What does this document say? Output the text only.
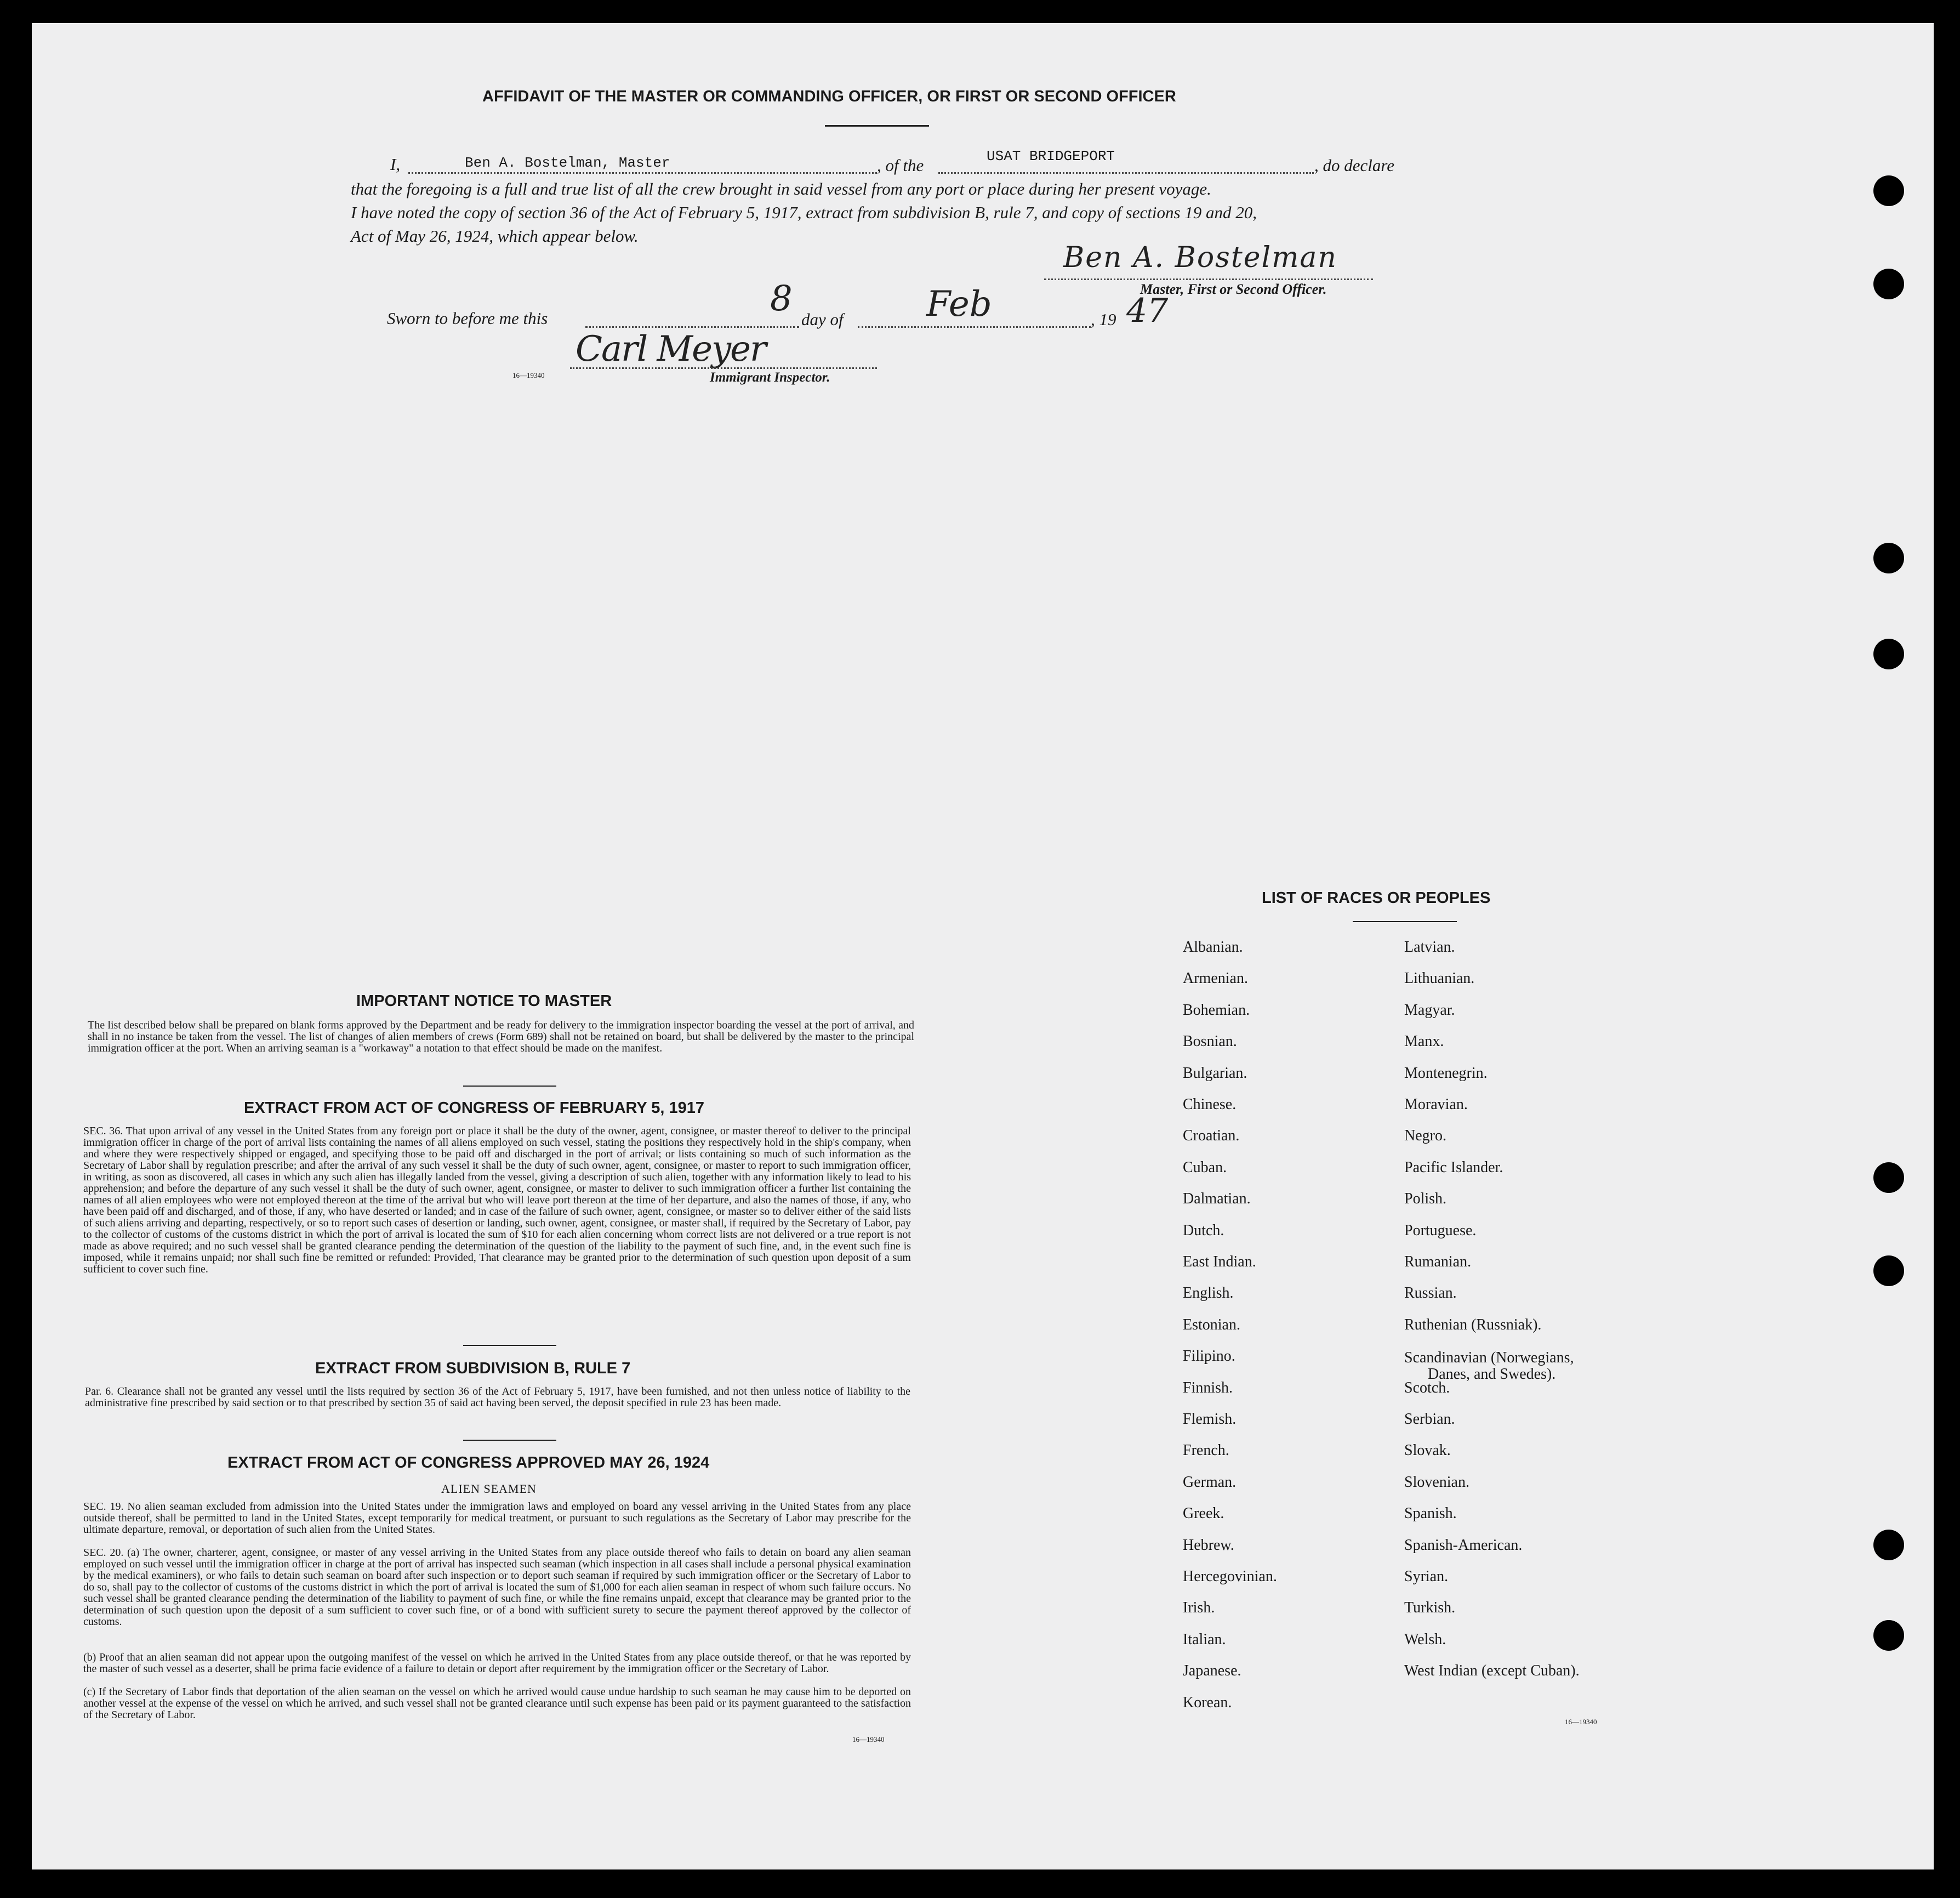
AFFIDAVIT OF THE MASTER OR COMMANDING OFFICER, OR FIRST OR SECOND OFFICER
I,	Ben A. Bostelman, Master	, of the	USAT BRIDGEPORT	, do declare
that the foregoing is a full and true list of all the crew brought in said vessel from any port or place during her present voyage.
I have noted the copy of section 36 of the Act of February 5, 1917, extract from subdivision B, rule 7, and copy of sections 19 and 20,
Act of May 26, 1924, which appear below.
Ben A. Bostelman
Master, First or Second Officer.
Sworn to before me this	8
day of Feb	, 19 47
Carl Meyer
16—19340	Immigrant Inspector.
IMPORTANT NOTICE TO MASTER
The list described below shall be prepared on blank forms approved by the Department and be ready for delivery to the immigration inspector boarding the vessel at the port of arrival, and shall in no instance be taken from the vessel. The list of changes of alien members of crews (Form 689) shall not be retained on board, but shall be delivered by the master to the principal immigration officer at the port. When an arriving seaman is a "workaway" a notation to that effect should be made on the manifest.
EXTRACT FROM ACT OF CONGRESS OF FEBRUARY 5, 1917
SEC. 36. That upon arrival of any vessel in the United States from any foreign port or place it shall be the duty of the owner, agent, consignee, or master thereof to deliver to the principal immigration officer in charge of the port of arrival lists containing the names of all aliens employed on such vessel, stating the positions they respectively hold in the ship's company, when and where they were respectively shipped or engaged, and specifying those to be paid off and discharged in the port of arrival; or lists containing so much of such information as the Secretary of Labor shall by regulation prescribe; and after the arrival of any such vessel it shall be the duty of such owner, agent, consignee, or master to report to such immigration officer, in writing, as soon as discovered, all cases in which any such alien has illegally landed from the vessel, giving a description of such alien, together with any information likely to lead to his apprehension; and before the departure of any such vessel it shall be the duty of such owner, agent, consignee, or master to deliver to such immigration officer a further list containing the names of all alien employees who were not employed thereon at the time of the arrival but who will leave port thereon at the time of her departure, and also the names of those, if any, who have been paid off and discharged, and of those, if any, who have deserted or landed; and in case of the failure of such owner, agent, consignee, or master so to deliver either of the said lists of such aliens arriving and departing, respectively, or so to report such cases of desertion or landing, such owner, agent, consignee, or master shall, if required by the Secretary of Labor, pay to the collector of customs of the customs district in which the port of arrival is located the sum of $10 for each alien concerning whom correct lists are not delivered or a true report is not made as above required; and no such vessel shall be granted clearance pending the determination of the question of the liability to the payment of such fine, and, in the event such fine is imposed, while it remains unpaid; nor shall such fine be remitted or refunded: Provided, That clearance may be granted prior to the determination of such question upon deposit of a sum sufficient to cover such fine.
EXTRACT FROM SUBDIVISION B, RULE 7
Par. 6. Clearance shall not be granted any vessel until the lists required by section 36 of the Act of February 5, 1917, have been furnished, and not then unless notice of liability to the administrative fine prescribed by said section or to that prescribed by section 35 of said act having been served, the deposit specified in rule 23 has been made.
EXTRACT FROM ACT OF CONGRESS APPROVED MAY 26, 1924
ALIEN SEAMEN
SEC. 19. No alien seaman excluded from admission into the United States under the immigration laws and employed on board any vessel arriving in the United States from any place outside thereof, shall be permitted to land in the United States, except temporarily for medical treatment, or pursuant to such regulations as the Secretary of Labor may prescribe for the ultimate departure, removal, or deportation of such alien from the United States.
SEC. 20. (a) The owner, charterer, agent, consignee, or master of any vessel arriving in the United States from any place outside thereof who fails to detain on board any alien seaman employed on such vessel until the immigration officer in charge at the port of arrival has inspected such seaman (which inspection in all cases shall include a personal physical examination by the medical examiners), or who fails to detain such seaman on board after such inspection or to deport such seaman if required by such immigration officer or the Secretary of Labor to do so, shall pay to the collector of customs of the customs district in which the port of arrival is located the sum of $1,000 for each alien seaman in respect of whom such failure occurs. No such vessel shall be granted clearance pending the determination of the liability to payment of such fine, or while the fine remains unpaid, except that clearance may be granted prior to the determination of such question upon the deposit of a sum sufficient to cover such fine, or of a bond with sufficient surety to secure the payment thereof approved by the collector of customs.
(b) Proof that an alien seaman did not appear upon the outgoing manifest of the vessel on which he arrived in the United States from any place outside thereof, or that he was reported by the master of such vessel as a deserter, shall be prima facie evidence of a failure to detain or deport after requirement by the immigration officer or the Secretary of Labor.
(c) If the Secretary of Labor finds that deportation of the alien seaman on the vessel on which he arrived would cause undue hardship to such seaman he may cause him to be deported on another vessel at the expense of the vessel on which he arrived, and such vessel shall not be granted clearance until such expense has been paid or its payment guaranteed to the satisfaction of the Secretary of Labor.
16—19340
LIST OF RACES OR PEOPLES
Albanian.
Armenian.
Bohemian.
Bosnian.
Bulgarian.
Chinese.
Croatian.
Cuban.
Dalmatian.
Dutch.
East Indian.
English.
Estonian.
Filipino.
Finnish.
Flemish.
French.
German.
Greek.
Hebrew.
Hercegovinian.
Irish.
Italian.
Japanese.
Korean.
Latvian.
Lithuanian.
Magyar.
Manx.
Montenegrin.
Moravian.
Negro.
Pacific Islander.
Polish.
Portuguese.
Rumanian.
Russian.
Ruthenian (Russniak).
Scandinavian (Norwegians,
Danes, and Swedes).
Scotch.
Serbian.
Slovak.
Slovenian.
Spanish.
Spanish-American.
Syrian.
Turkish.
Welsh.
West Indian (except Cuban).
16—19340
